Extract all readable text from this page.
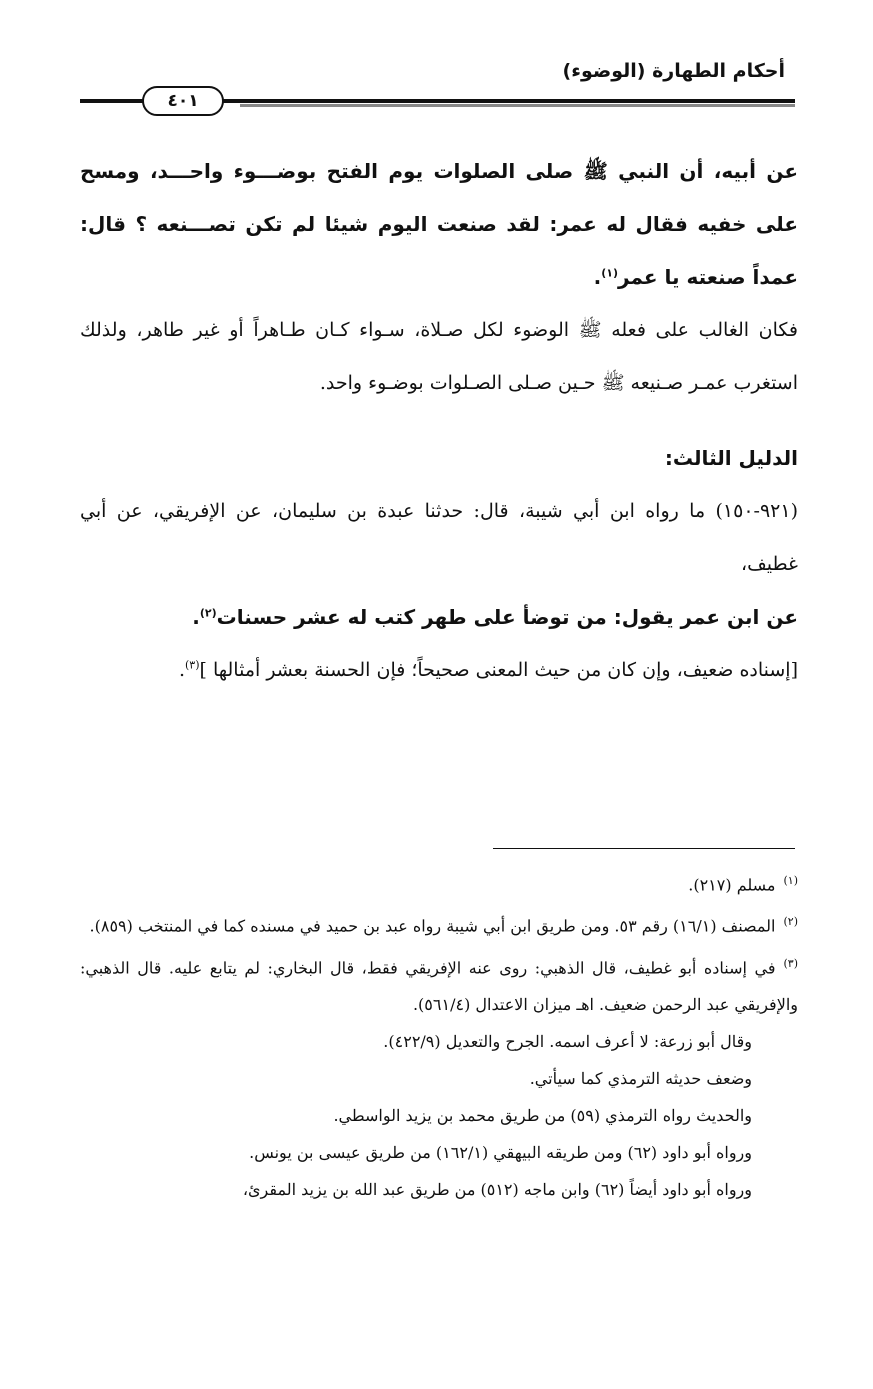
أحكام الطهارة (الوضوء)
٤٠١

عن أبيه، أن النبي ﷺ صلى الصلوات يوم الفتح بوضـــوء واحـــد، ومسح على خفيه فقال له عمر: لقد صنعت اليوم شيئا لم تكن تصـــنعه ؟ قال: عمداً صنعته يا عمر$^{(١)}$.

فكان الغالب على فعله ﷺ الوضوء لكل صـلاة، سـواء كـان طـاهراً أو غير طاهر، ولذلك استغرب عمـر صـنيعه ﷺ حـين صـلى الصـلوات بوضـوء واحد.

الدليل الثالث:

(٩٢١-١٥٠) ما رواه ابن أبي شيبة، قال: حدثنا عبدة بن سليمان، عن الإفريقي، عن أبي غطيف،

عن ابن عمر يقول: من توضأ على طهر كتب له عشر حسنات$^{(٢)}$.

[إسناده ضعيف، وإن كان من حيث المعنى صحيحاً؛ فإن الحسنة بعشر أمثالها ]$^{(٣)}$.

$^{(١)}$مسلم (٢١٧).

$^{(٢)}$المصنف (١٦/١) رقم ٥٣. ومن طريق ابن أبي شيبة رواه عبد بن حميد في مسنده كما في المنتخب (٨٥٩).

$^{(٣)}$في إسناده أبو غطيف، قال الذهبي: روى عنه الإفريقي فقط، قال البخاري: لم يتابع عليه. قال الذهبي: والإفريقي عبد الرحمن ضعيف. اهـ ميزان الاعتدال (٥٦١/٤).

وقال أبو زرعة: لا أعرف اسمه. الجرح والتعديل (٤٢٢/٩).

وضعف حديثه الترمذي كما سيأتي.

والحديث رواه الترمذي (٥٩) من طريق محمد بن يزيد الواسطي.

ورواه أبو داود (٦٢) ومن طريقه البيهقي (١٦٢/١) من طريق عيسى بن يونس.

ورواه أبو داود أيضاً (٦٢) وابن ماجه (٥١٢) من طريق عبد الله بن يزيد المقرئ،
